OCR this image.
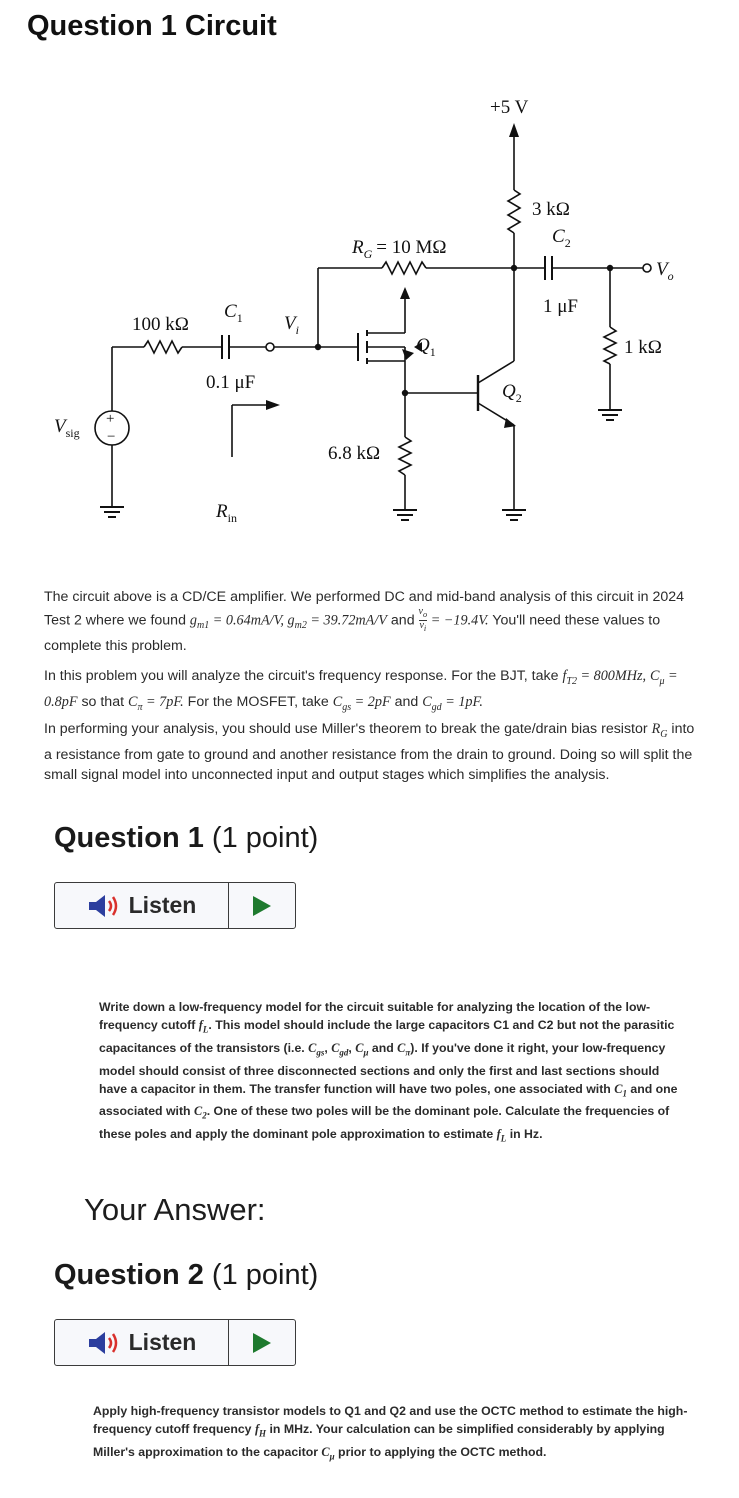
Question 1 Circuit
+5 V
3 kΩ
$C_2$
1 μF
$R_G = 10$ MΩ
$V_o$
1 kΩ
100 kΩ
$C_1$
0.1 μF
$V_i$
$Q_1$
$Q_2$
$V_{sig}$
6.8 kΩ
$R_{in}$
+
−
The circuit above is a CD/CE amplifier. We performed DC and mid-band analysis of this circuit in 2024 Test 2 where we found $g_{m1} = 0.64mA/V$, $g_{m2} = 39.72mA/V$ and $\frac{v_o}{v_i} = -19.4V$. You'll need these values to complete this problem.
In this problem you will analyze the circuit's frequency response. For the BJT, take $f_{T2} = 800MHz$, $C_\mu = 0.8pF$ so that $C_\pi = 7pF$. For the MOSFET, take $C_{gs} = 2pF$ and $C_{gd} = 1pF$.
In performing your analysis, you should use Miller's theorem to break the gate/drain bias resistor $R_G$ into a resistance from gate to ground and another resistance from the drain to ground. Doing so will split the small signal model into unconnected input and output stages which simplifies the analysis.
Question 1 (1 point)
Listen
Write down a low-frequency model for the circuit suitable for analyzing the location of the low-frequency cutoff $f_L$. This model should include the large capacitors C1 and C2 but not the parasitic capacitances of the transistors (i.e. $C_{gs}$, $C_{gd}$, $C_\mu$ and $C_\pi$). If you've done it right, your low-frequency model should consist of three disconnected sections and only the first and last sections should have a capacitor in them. The transfer function will have two poles, one associated with $C_1$ and one associated with $C_2$. One of these two poles will be the dominant pole. Calculate the frequencies of these poles and apply the dominant pole approximation to estimate $f_L$ in Hz.
Your Answer:
Question 2 (1 point)
Listen
Apply high-frequency transistor models to Q1 and Q2 and use the OCTC method to estimate the high-frequency cutoff frequency $f_H$ in MHz. Your calculation can be simplified considerably by applying Miller's approximation to the capacitor $C_\mu$ prior to applying the OCTC method.
